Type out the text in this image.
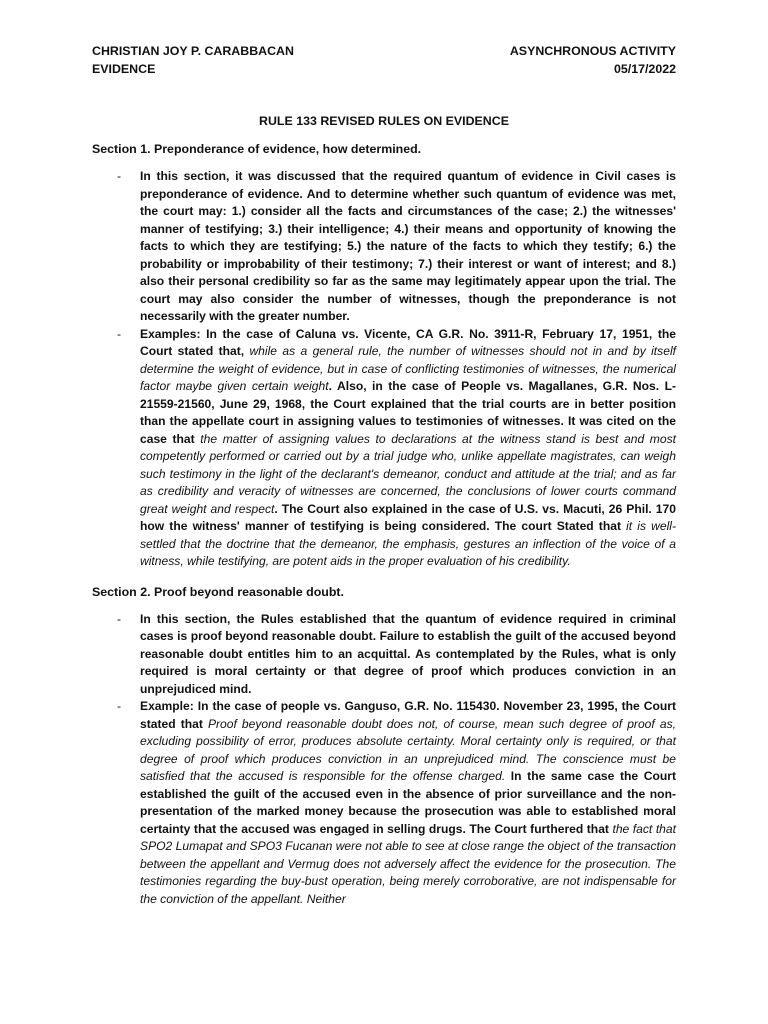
CHRISTIAN JOY P. CARABBACAN
EVIDENCE
ASYNCHRONOUS ACTIVITY
05/17/2022
RULE 133 REVISED RULES ON EVIDENCE
Section 1. Preponderance of evidence, how determined.
- In this section, it was discussed that the required quantum of evidence in Civil cases is preponderance of evidence. And to determine whether such quantum of evidence was met, the court may: 1.) consider all the facts and circumstances of the case; 2.) the witnesses' manner of testifying; 3.) their intelligence; 4.) their means and opportunity of knowing the facts to which they are testifying; 5.) the nature of the facts to which they testify; 6.) the probability or improbability of their testimony; 7.) their interest or want of interest; and 8.) also their personal credibility so far as the same may legitimately appear upon the trial. The court may also consider the number of witnesses, though the preponderance is not necessarily with the greater number.
- Examples: In the case of Caluna vs. Vicente, CA G.R. No. 3911-R, February 17, 1951, the Court stated that, while as a general rule, the number of witnesses should not in and by itself determine the weight of evidence, but in case of conflicting testimonies of witnesses, the numerical factor maybe given certain weight. Also, in the case of People vs. Magallanes, G.R. Nos. L-21559-21560, June 29, 1968, the Court explained that the trial courts are in better position than the appellate court in assigning values to testimonies of witnesses. It was cited on the case that the matter of assigning values to declarations at the witness stand is best and most competently performed or carried out by a trial judge who, unlike appellate magistrates, can weigh such testimony in the light of the declarant's demeanor, conduct and attitude at the trial; and as far as credibility and veracity of witnesses are concerned, the conclusions of lower courts command great weight and respect. The Court also explained in the case of U.S. vs. Macuti, 26 Phil. 170 how the witness' manner of testifying is being considered. The court Stated that it is well-settled that the doctrine that the demeanor, the emphasis, gestures an inflection of the voice of a witness, while testifying, are potent aids in the proper evaluation of his credibility.
Section 2. Proof beyond reasonable doubt.
- In this section, the Rules established that the quantum of evidence required in criminal cases is proof beyond reasonable doubt. Failure to establish the guilt of the accused beyond reasonable doubt entitles him to an acquittal. As contemplated by the Rules, what is only required is moral certainty or that degree of proof which produces conviction in an unprejudiced mind.
- Example: In the case of people vs. Ganguso, G.R. No. 115430. November 23, 1995, the Court stated that Proof beyond reasonable doubt does not, of course, mean such degree of proof as, excluding possibility of error, produces absolute certainty. Moral certainty only is required, or that degree of proof which produces conviction in an unprejudiced mind. The conscience must be satisfied that the accused is responsible for the offense charged. In the same case the Court established the guilt of the accused even in the absence of prior surveillance and the non-presentation of the marked money because the prosecution was able to established moral certainty that the accused was engaged in selling drugs. The Court furthered that the fact that SPO2 Lumapat and SPO3 Fucanan were not able to see at close range the object of the transaction between the appellant and Vermug does not adversely affect the evidence for the prosecution. The testimonies regarding the buy-bust operation, being merely corroborative, are not indispensable for the conviction of the appellant. Neither
